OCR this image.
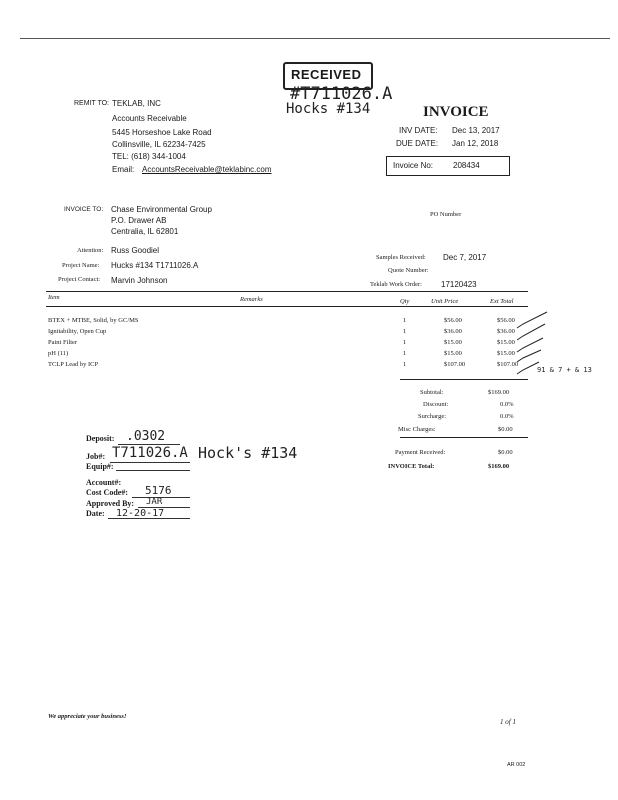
RECEIVED
#T711026.A
Hocks #134
REMIT TO: TEKLAB, INC
Accounts Receivable
5445 Horseshoe Lake Road
Collinsville, IL 62234-7425
TEL: (618) 344-1004
Email: AccountsReceivable@teklabinc.com
INVOICE
INV DATE: Dec 13, 2017
DUE DATE: Jan 12, 2018
Invoice No: 208434
INVOICE TO: Chase Environmental Group
P.O. Drawer AB
Centralia, IL 62801
PO Number
Attention: Russ Goodiel
Project Name: Hucks #134 T1711026.A
Project Contact: Marvin Johnson
Samples Received: Dec 7, 2017
Quote Number:
Teklab Work Order: 17120423
Item	Remarks	Qty	Unit Price	Ext Total
BTEX + MTBE, Solid, by GC/MS	1	$56.00	$56.00
Ignitability, Open Cup	1	$36.00	$36.00
Paint Filter	1	$15.00	$15.00
pH (11)	1	$15.00	$15.00
TCLP Lead by ICP	1	$107.00	$107.00
91 & 7 + & 13
Subtotal:	$169.00
Discount:	0.0%
Surcharge:	0.0%
Misc Charges:	$0.00
Payment Received:	$0.00
INVOICE Total:	$169.00
Deposit: .0302
Job#: T711026.A Hock's #134
Equip#:
Account#:
Cost Code#: 5176
Approved By: JAR
Date: 12-20-17
We appreciate your business!
1 of 1
AR 002
